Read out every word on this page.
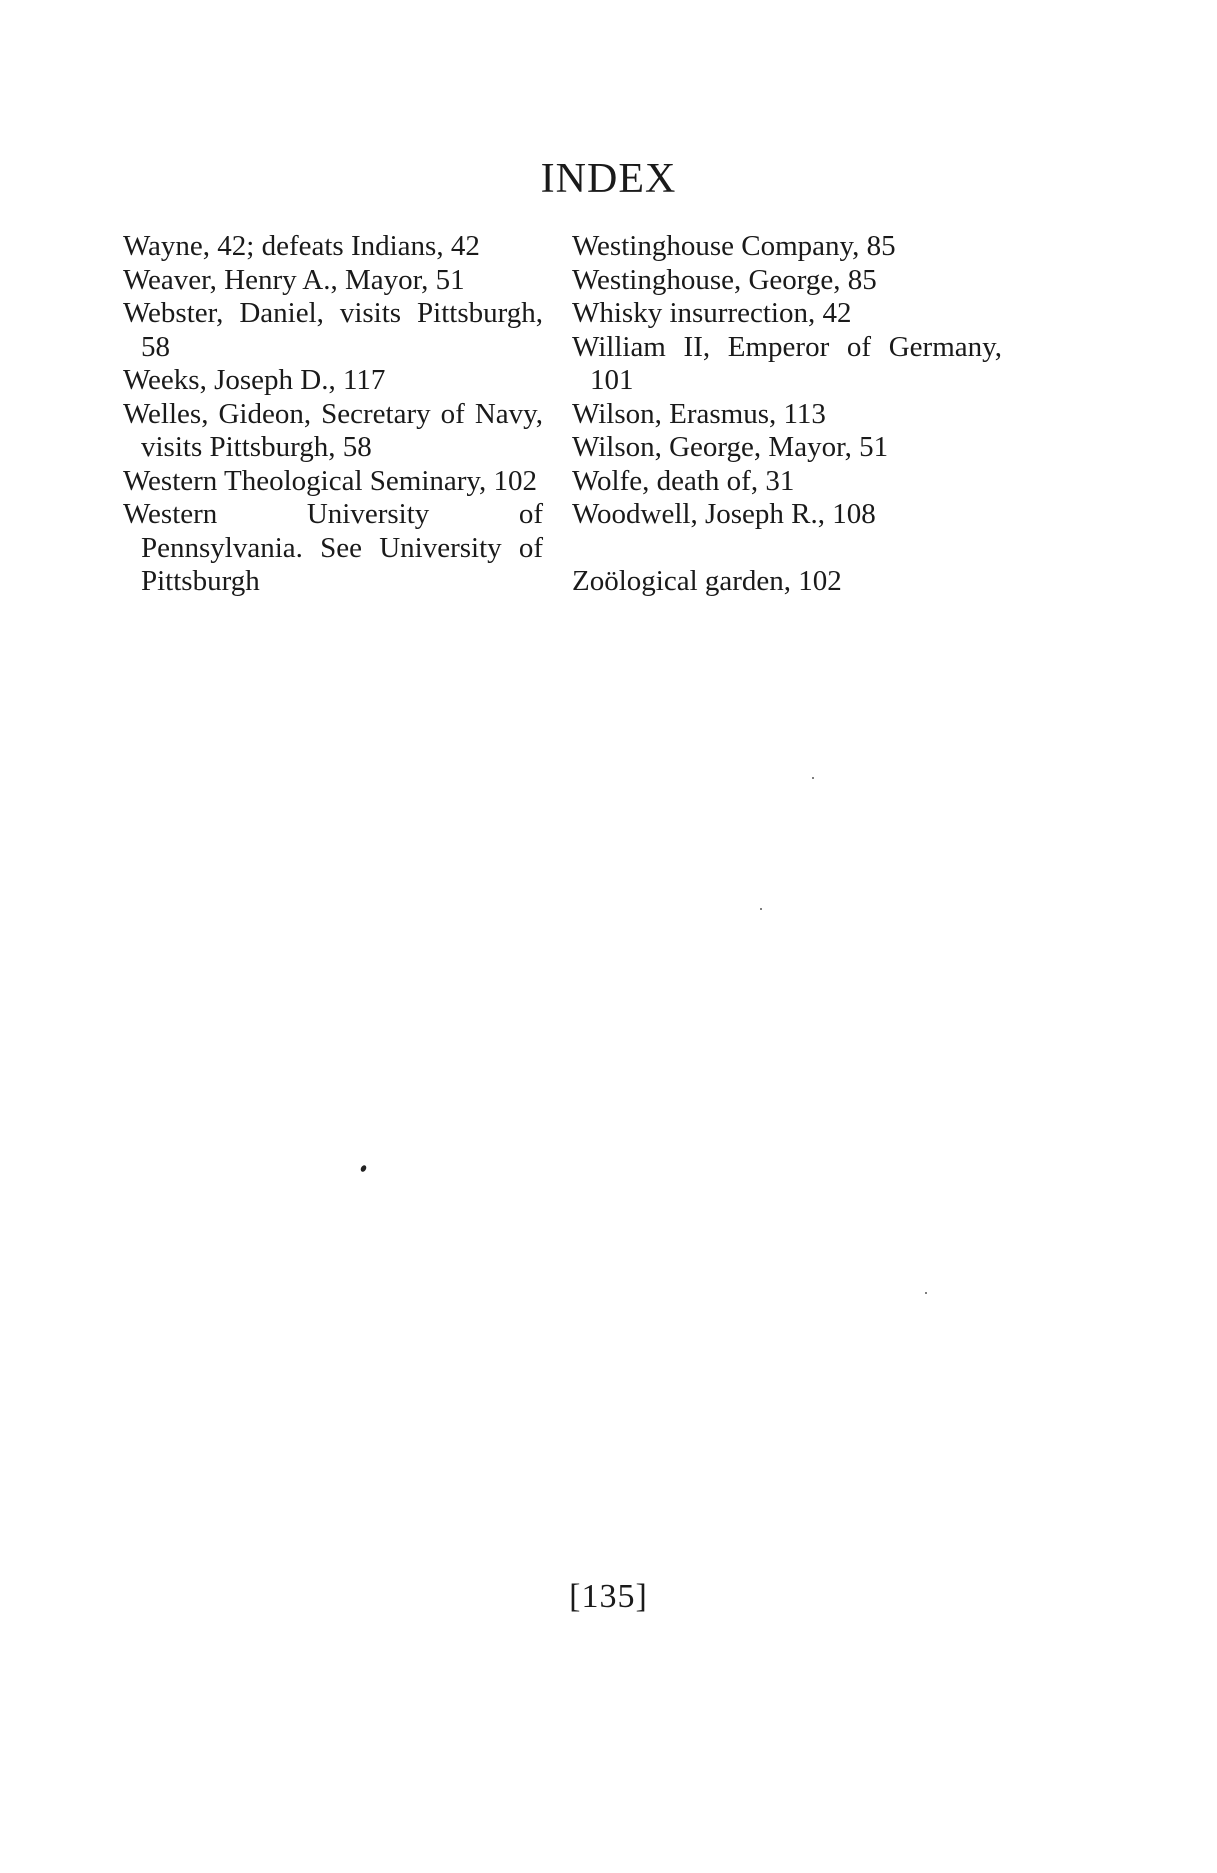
INDEX
Wayne, 42; defeats Indians, 42
Weaver, Henry A., Mayor, 51
Webster, Daniel, visits Pittsburgh, 58
Weeks, Joseph D., 117
Welles, Gideon, Secretary of Navy, visits Pittsburgh, 58
Western Theological Seminary, 102
Western University of Pennsylvania. See University of Pittsburgh
Westinghouse Company, 85
Westinghouse, George, 85
Whisky insurrection, 42
William II, Emperor of Germany, 101
Wilson, Erasmus, 113
Wilson, George, Mayor, 51
Wolfe, death of, 31
Woodwell, Joseph R., 108
Zoölogical garden, 102
[135]
